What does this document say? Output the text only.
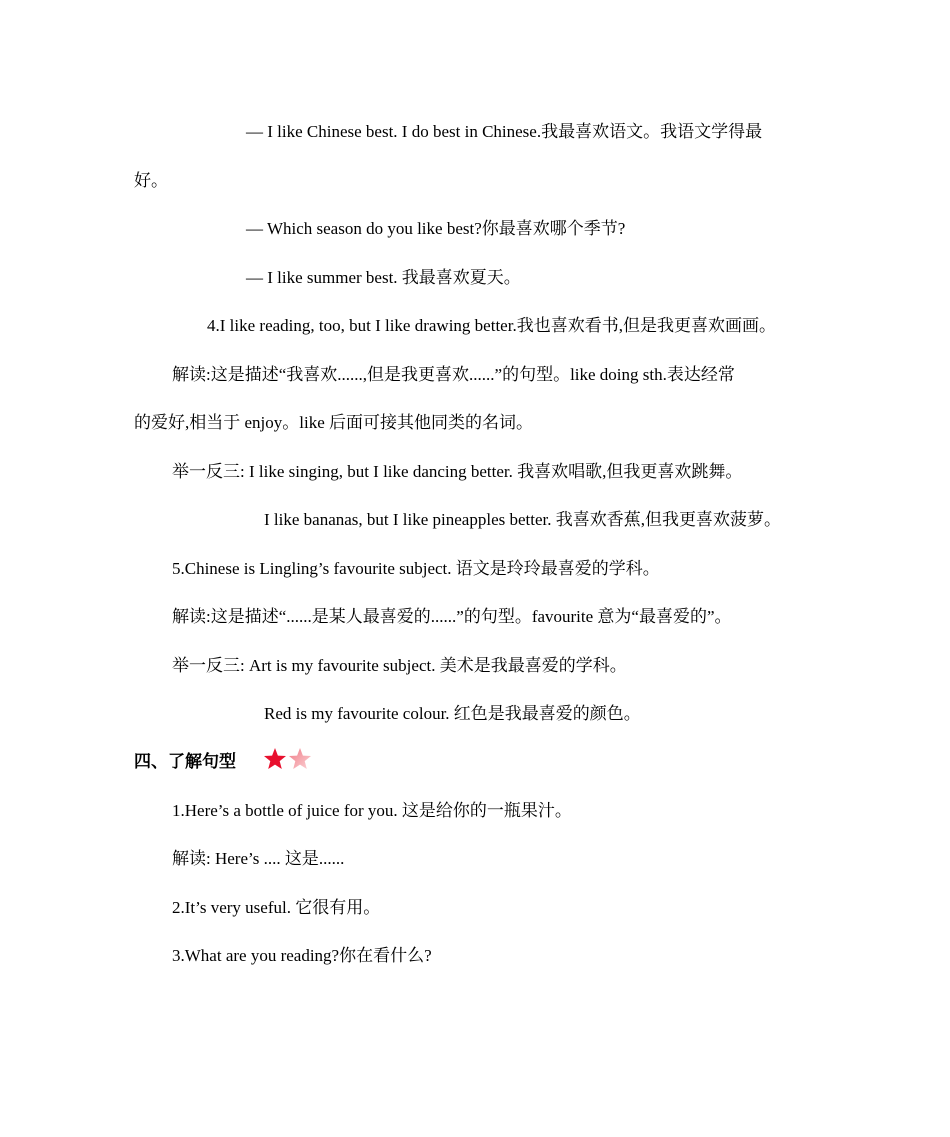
— I like Chinese best. I do best in Chinese.我最喜欢语文。我语文学得最
好。
— Which season do you like best?你最喜欢哪个季节?
— I like summer best. 我最喜欢夏天。
4.I like reading, too, but I like drawing better.我也喜欢看书,但是我更喜欢画画。
解读:这是描述“我喜欢......,但是我更喜欢......”的句型。like doing sth.表达经常
的爱好,相当于 enjoy。like 后面可接其他同类的名词。
举一反三: I like singing, but I like dancing better. 我喜欢唱歌,但我更喜欢跳舞。
I like bananas, but I like pineapples better. 我喜欢香蕉,但我更喜欢菠萝。
5.Chinese is Lingling’s favourite subject. 语文是玲玲最喜爱的学科。
解读:这是描述“......是某人最喜爱的......”的句型。favourite 意为“最喜爱的”。
举一反三: Art is my favourite subject. 美术是我最喜爱的学科。
Red is my favourite colour. 红色是我最喜爱的颜色。
四、了解句型
1.Here’s a bottle of juice for you. 这是给你的一瓶果汁。
解读: Here’s .... 这是......
2.It’s very useful. 它很有用。
3.What are you reading?你在看什么?
